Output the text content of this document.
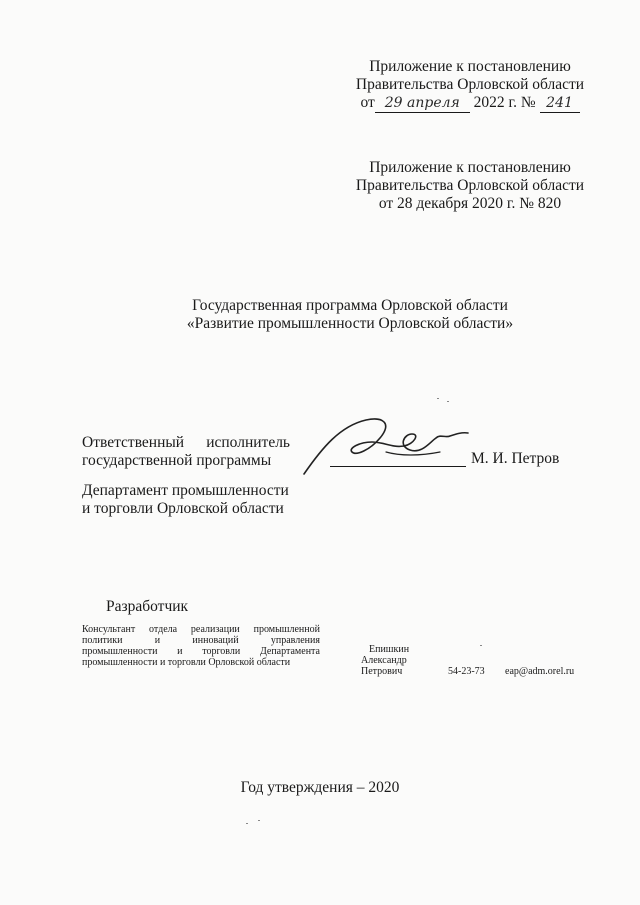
Приложение к постановлению
Правительства Орловской области
от 29 апреля 2022 г. № 241
Приложение к постановлению
Правительства Орловской области
от 28 декабря 2020 г. № 820
Государственная программа Орловской области
«Развитие промышленности Орловской области»
Ответственный исполнитель
государственной программы	М. И. Петров
Департамент промышленности
и торговли Орловской области
Разработчик
Консультант отдела реализации промышленной
политики	и	инноваций	управления
промышленности и торговли Департамента
промышленности и торговли Орловской области
Епишкин
Александр
Петрович	54-23-73 eap@adm.orel.ru
Год утверждения – 2020
